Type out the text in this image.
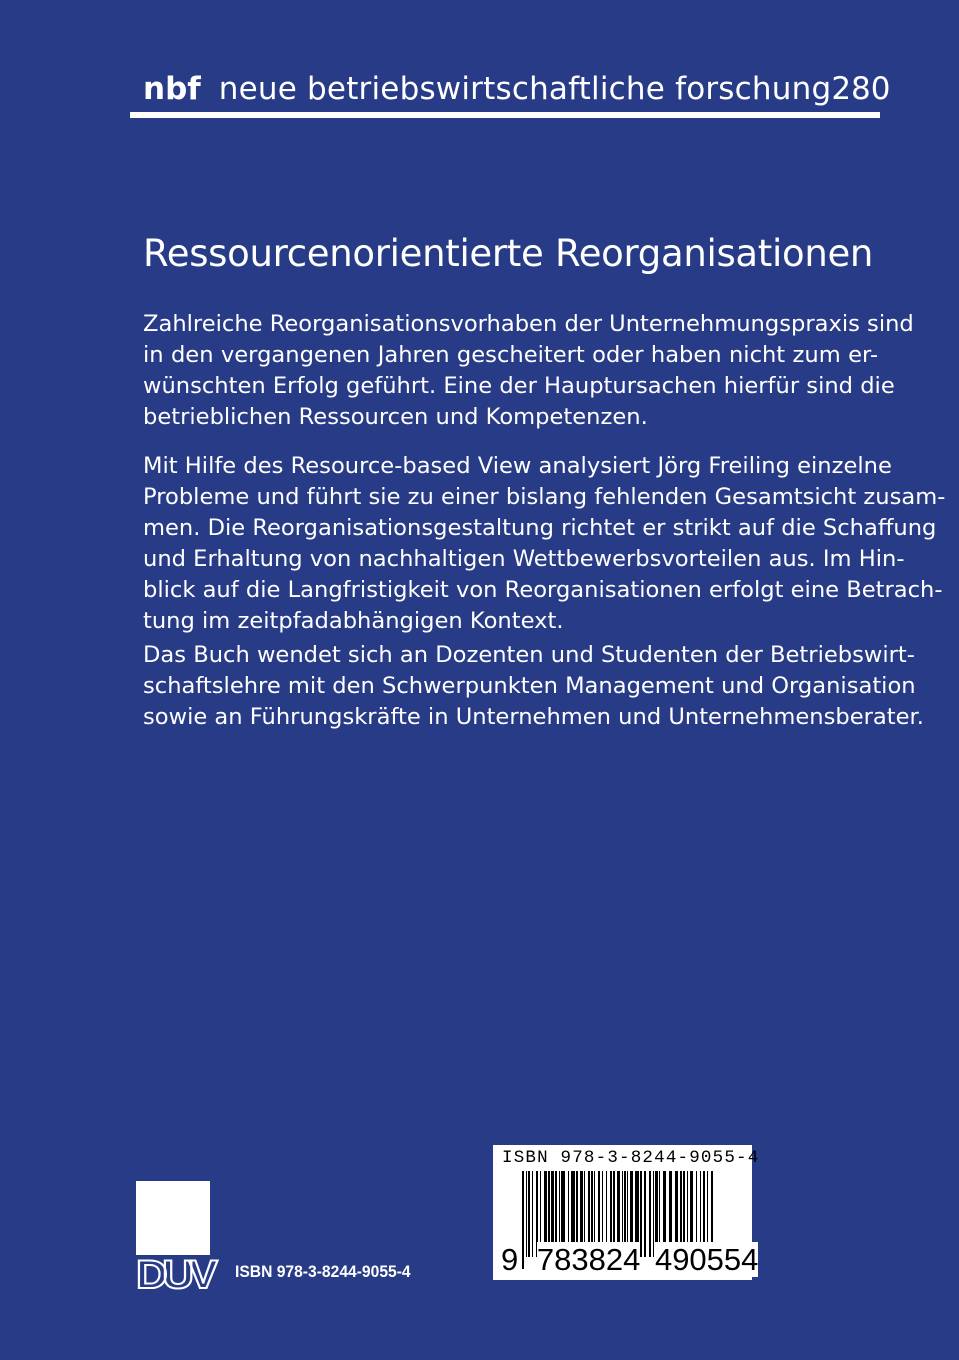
nbf neue betriebswirtschaftliche forschung 280
Ressourcenorientierte Reorganisationen
Zahlreiche Reorganisationsvorhaben der Unternehmungspraxis sind
in den vergangenen Jahren gescheitert oder haben nicht zum er-
wünschten Erfolg geführt. Eine der Hauptursachen hierfür sind die
betrieblichen Ressourcen und Kompetenzen.
Mit Hilfe des Resource-based View analysiert Jörg Freiling einzelne
Probleme und führt sie zu einer bislang fehlenden Gesamtsicht zusam-
men. Die Reorganisationsgestaltung richtet er strikt auf die Schaffung
und Erhaltung von nachhaltigen Wettbewerbsvorteilen aus. Im Hin-
blick auf die Langfristigkeit von Reorganisationen erfolgt eine Betrach-
tung im zeitpfadabhängigen Kontext.
Das Buch wendet sich an Dozenten und Studenten der Betriebswirt-
schaftslehre mit den Schwerpunkten Management und Organisation
sowie an Führungskräfte in Unternehmen und Unternehmensberater.
DUV ISBN 978-3-8244-9055-4
ISBN 978-3-8244-9055-4
9 783824 490554
